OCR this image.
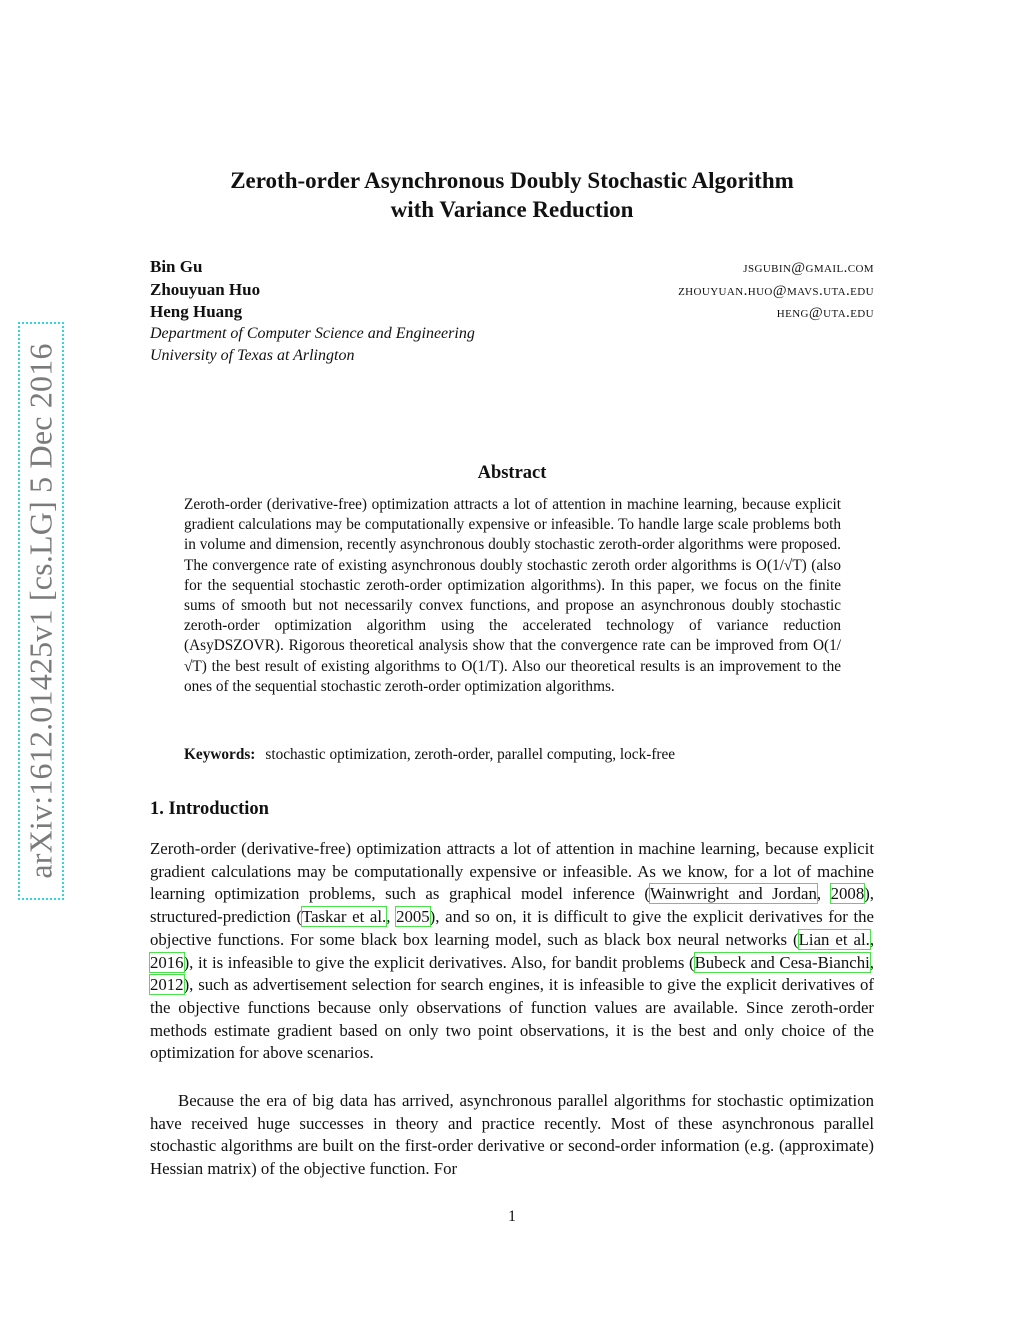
arXiv:1612.01425v1 [cs.LG] 5 Dec 2016
Zeroth-order Asynchronous Doubly Stochastic Algorithm
with Variance Reduction
Bin Gu	jsgubin@gmail.com
Zhouyuan Huo	zhouyuan.huo@mavs.uta.edu
Heng Huang	heng@uta.edu
Department of Computer Science and Engineering
University of Texas at Arlington
Abstract
Zeroth-order (derivative-free) optimization attracts a lot of attention in machine learning, because explicit gradient calculations may be computationally expensive or infeasible. To handle large scale problems both in volume and dimension, recently asynchronous doubly stochastic zeroth-order algorithms were proposed. The convergence rate of existing asynchronous doubly stochastic zeroth order algorithms is O(1/√T) (also for the sequential stochastic zeroth-order optimization algorithms). In this paper, we focus on the finite sums of smooth but not necessarily convex functions, and propose an asynchronous doubly stochastic zeroth-order optimization algorithm using the accelerated technology of variance reduction (AsyDSZOVR). Rigorous theoretical analysis show that the convergence rate can be improved from O(1/√T) the best result of existing algorithms to O(1/T). Also our theoretical results is an improvement to the ones of the sequential stochastic zeroth-order optimization algorithms.
Keywords: stochastic optimization, zeroth-order, parallel computing, lock-free
1. Introduction
Zeroth-order (derivative-free) optimization attracts a lot of attention in machine learning, because explicit gradient calculations may be computationally expensive or infeasible. As we know, for a lot of machine learning optimization problems, such as graphical model inference (Wainwright and Jordan, 2008), structured-prediction (Taskar et al., 2005), and so on, it is difficult to give the explicit derivatives for the objective functions. For some black box learning model, such as black box neural networks (Lian et al., 2016), it is infeasible to give the explicit derivatives. Also, for bandit problems (Bubeck and Cesa-Bianchi, 2012), such as advertisement selection for search engines, it is infeasible to give the explicit derivatives of the objective functions because only observations of function values are available. Since zeroth-order methods estimate gradient based on only two point observations, it is the best and only choice of the optimization for above scenarios.
Because the era of big data has arrived, asynchronous parallel algorithms for stochastic optimization have received huge successes in theory and practice recently. Most of these asynchronous parallel stochastic algorithms are built on the first-order derivative or second-order information (e.g. (approximate) Hessian matrix) of the objective function. For
1
